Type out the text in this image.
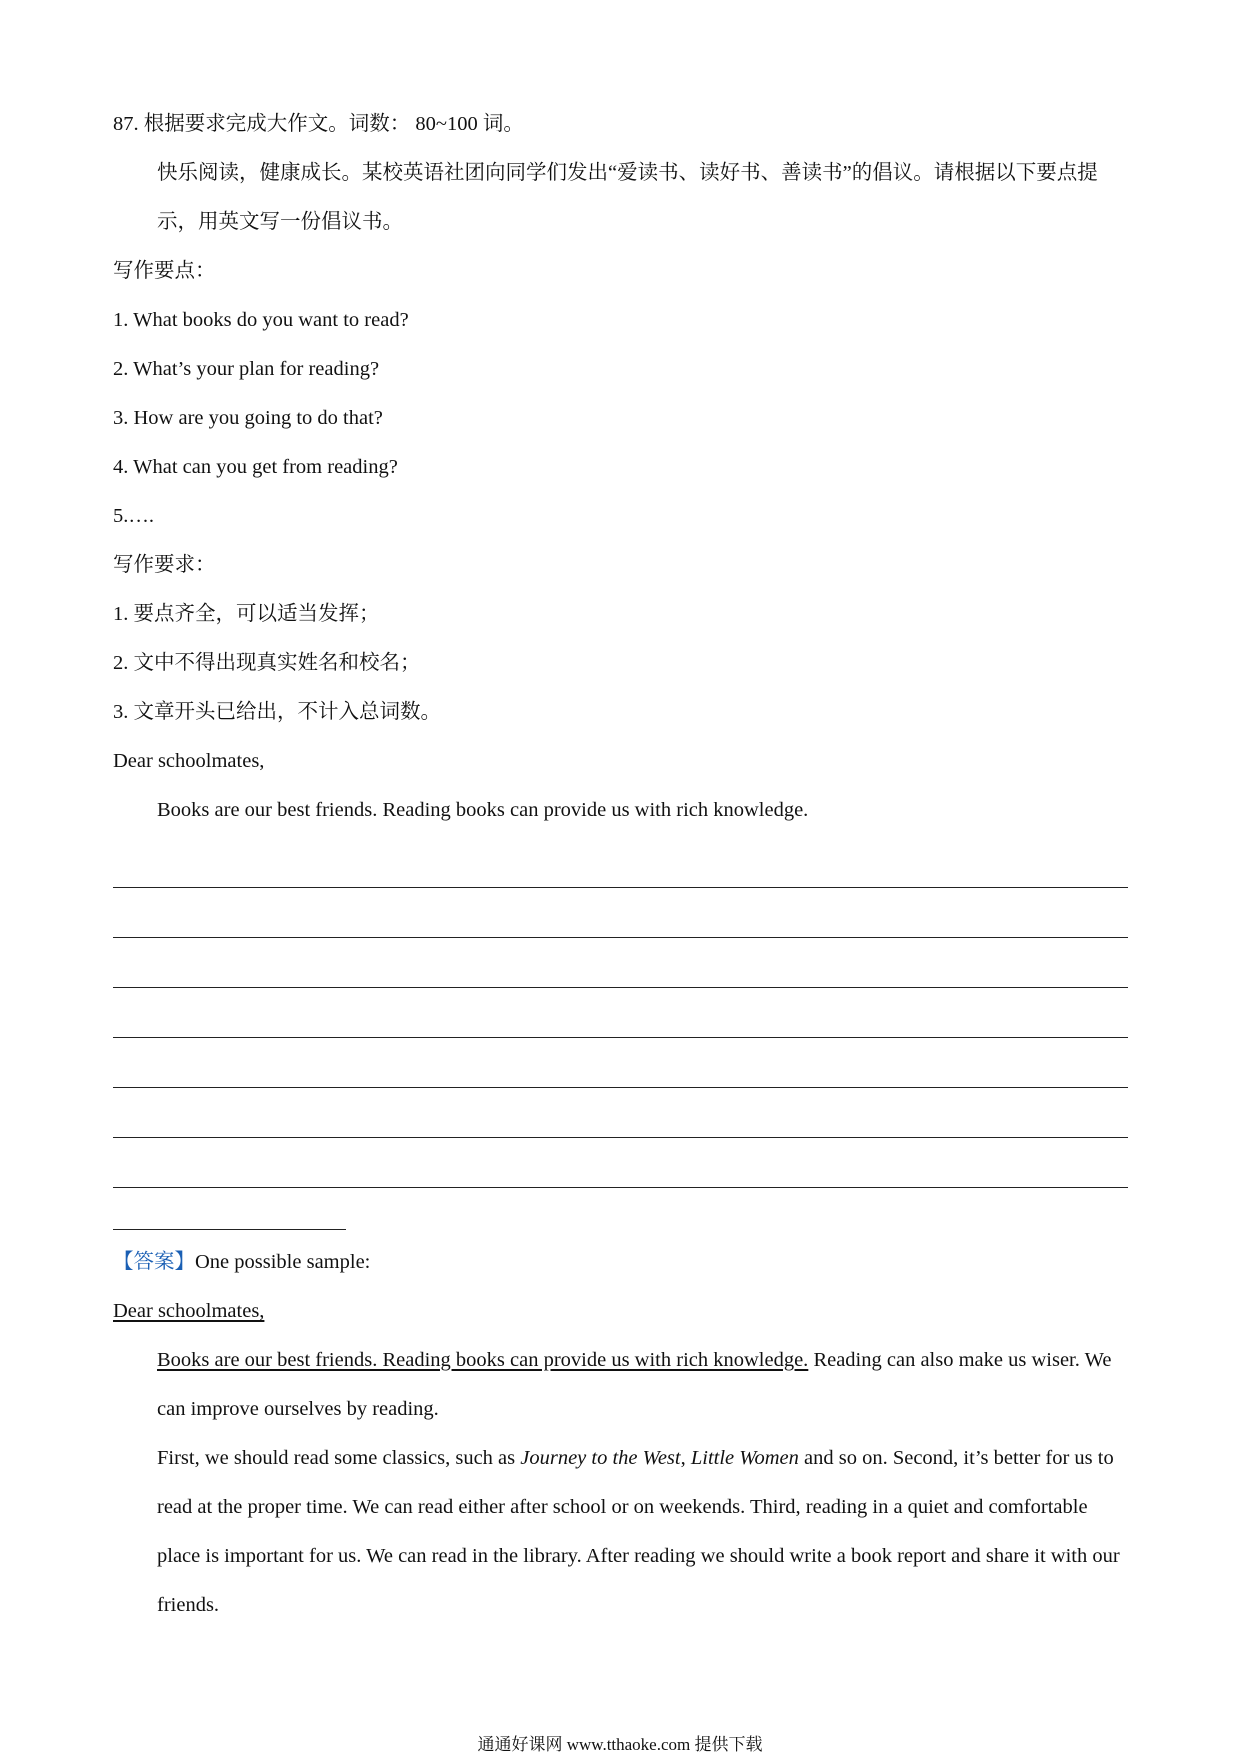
87. 根据要求完成大作文。词数： 80~100 词。
快乐阅读，健康成长。某校英语社团向同学们发出“爱读书、读好书、善读书”的倡议。请根据以下要点提示，用英文写一份倡议书。
写作要点：
1. What books do you want to read?
2. What’s your plan for reading?
3. How are you going to do that?
4. What can you get from reading?
5.….
写作要求：
1. 要点齐全，可以适当发挥；
2. 文中不得出现真实姓名和校名；
3. 文章开头已给出，不计入总词数。
Dear schoolmates,
Books are our best friends. Reading books can provide us with rich knowledge.
【答案】One possible sample:
Dear schoolmates,
Books are our best friends. Reading books can provide us with rich knowledge. Reading can also make us wiser. We can improve ourselves by reading.
First, we should read some classics, such as Journey to the West, Little Women and so on. Second, it’s better for us to read at the proper time. We can read either after school or on weekends. Third, reading in a quiet and comfortable place is important for us. We can read in the library. After reading we should write a book report and share it with our friends.
通通好课网 www.tthaoke.com 提供下载
